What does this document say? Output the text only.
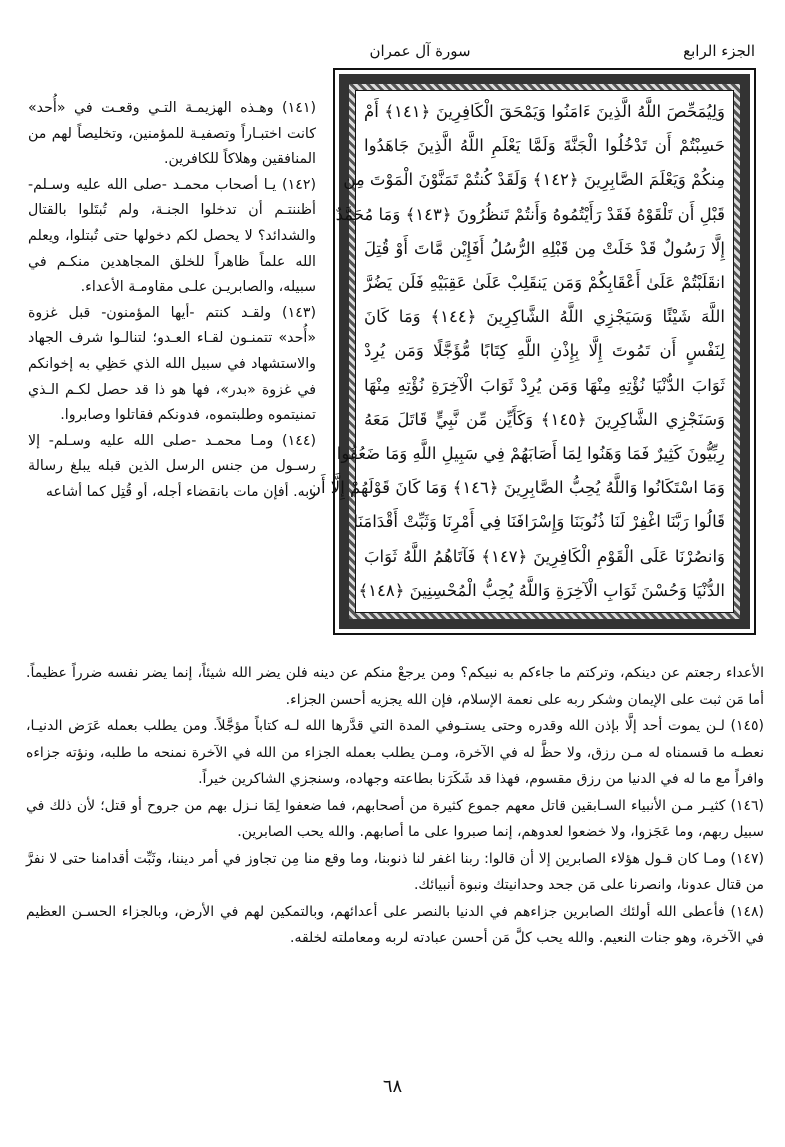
الجزء الرابع
سورة آل عمران
وَلِيُمَحِّصَ اللَّهُ الَّذِينَ ءَامَنُوا وَيَمْحَقَ الْكَافِرِينَ ﴿١٤١﴾ أَمْ
حَسِبْتُمْ أَن تَدْخُلُوا الْجَنَّةَ وَلَمَّا يَعْلَمِ اللَّهُ الَّذِينَ جَاهَدُوا
مِنكُمْ وَيَعْلَمَ الصَّابِرِينَ ﴿١٤٢﴾ وَلَقَدْ كُنتُمْ تَمَنَّوْنَ الْمَوْتَ مِن
قَبْلِ أَن تَلْقَوْهُ فَقَدْ رَأَيْتُمُوهُ وَأَنتُمْ تَنظُرُونَ ﴿١٤٣﴾ وَمَا مُحَمَّدٌ
إِلَّا رَسُولٌ قَدْ خَلَتْ مِن قَبْلِهِ الرُّسُلُ أَفَإِيْن مَّاتَ أَوْ قُتِلَ
انقَلَبْتُمْ عَلَىٰ أَعْقَابِكُمْ وَمَن يَنقَلِبْ عَلَىٰ عَقِبَيْهِ فَلَن يَضُرَّ
اللَّهَ شَيْئًا وَسَيَجْزِي اللَّهُ الشَّاكِرِينَ ﴿١٤٤﴾ وَمَا كَانَ
لِنَفْسٍ أَن تَمُوتَ إِلَّا بِإِذْنِ اللَّهِ كِتَابًا مُّؤَجَّلًا وَمَن يُرِدْ
ثَوَابَ الدُّنْيَا نُؤْتِهِ مِنْهَا وَمَن يُرِدْ ثَوَابَ الْآخِرَةِ نُؤْتِهِ مِنْهَا
وَسَنَجْزِي الشَّاكِرِينَ ﴿١٤٥﴾ وَكَأَيِّن مِّن نَّبِيٍّ قَاتَلَ مَعَهُ
رِبِّيُّونَ كَثِيرٌ فَمَا وَهَنُوا لِمَا أَصَابَهُمْ فِي سَبِيلِ اللَّهِ وَمَا ضَعُفُوا
وَمَا اسْتَكَانُوا وَاللَّهُ يُحِبُّ الصَّابِرِينَ ﴿١٤٦﴾ وَمَا كَانَ قَوْلَهُمْ إِلَّا أَن
قَالُوا رَبَّنَا اغْفِرْ لَنَا ذُنُوبَنَا وَإِسْرَافَنَا فِي أَمْرِنَا وَثَبِّتْ أَقْدَامَنَا
وَانصُرْنَا عَلَى الْقَوْمِ الْكَافِرِينَ ﴿١٤٧﴾ فَآتَاهُمُ اللَّهُ ثَوَابَ
الدُّنْيَا وَحُسْنَ ثَوَابِ الْآخِرَةِ وَاللَّهُ يُحِبُّ الْمُحْسِنِينَ ﴿١٤٨﴾

(١٤١) وهـذه الهزيمـة التـي وقعـت في «أُحد» كانت اختبـاراً وتصفيـة للمؤمنين، وتخليصاً لهم من المنافقين وهلاكاً للكافرين.

(١٤٢) يـا أصحاب محمـد -صلى الله عليه وسـلم- أظننتـم أن تدخلوا الجنـة، ولم تُبتَلوا بالقتال والشدائد؟ لا يحصل لكم دخولها حتى تُبتلوا، ويعلم الله علماً ظاهراً للخلق المجاهدين منكـم في سبيله، والصابريـن علـى مقاومـة الأعداء.

(١٤٣) ولقـد كنتم -أيها المؤمنون- قبل غزوة «أُحد» تتمنـون لقـاء العـدو؛ لتنالـوا شرف الجهاد والاستشهاد في سبيل الله الذي حَظِي به إخوانكم في غزوة «بدر»، فها هو ذا قد حصل لكـم الـذي تمنيتموه وطلبتموه، فدونكم فقاتلوا وصابروا.

(١٤٤) ومـا محمـد -صلى الله عليه وسـلم- إلا رسـول من جنس الرسل الذين قبله يبلغ رسالة ربه. أفإن مات بانقضاء أجله، أو قُتِل كما أشاعه

الأعداء رجعتم عن دينكم، وتركتم ما جاءكم به نبيكم؟ ومن يرجعْ منكم عن دينه فلن يضر الله شيئاً، إنما يضر نفسه ضرراً عظيماً. أما مَن ثبت على الإيمان وشكر ربه على نعمة الإسلام، فإن الله يجزيه أحسن الجزاء.

(١٤٥) لـن يموت أحد إلَّا بإذن الله وقدره وحتى يستـوفي المدة التي قدَّرها الله لـه كتاباً مؤجَّلاً. ومن يطلب بعمله عَرَض الدنيـا، نعطـه ما قسمناه له مـن رزق، ولا حظَّ له في الآخرة، ومـن يطلب بعمله الجزاء من الله في الآخرة نمنحه ما طلبه، ونؤته جزاءه وافراً مع ما له في الدنيا من رزق مقسوم، فهذا قد شَكَرَنا بطاعته وجهاده، وسنجزي الشاكرين خيراً.

(١٤٦) كثيـر مـن الأنبياء السـابقين قاتل معهم جموع كثيرة من أصحابهم، فما ضعفوا لِمَا نـزل بهم من جروح أو قتل؛ لأن ذلك في سبيل ربهم، وما عَجَزوا، ولا خضعوا لعدوهم، إنما صبروا على ما أصابهم. والله يحب الصابرين.

(١٤٧) ومـا كان قـول هؤلاء الصابرين إلا أن قالوا: ربنا اغفر لنا ذنوبنا، وما وقع منا مِن تجاوز في أمر ديننا، وثَبِّت أقدامنا حتى لا نفرَّ من قتال عدونا، وانصرنا على مَن جحد وحدانيتك ونبوة أنبيائك.

(١٤٨) فأعطى الله أولئك الصابرين جزاءهم في الدنيا بالنصر على أعدائهم، وبالتمكين لهم في الأرض، وبالجزاء الحسـن العظيم في الآخرة، وهو جنات النعيم. والله يحب كلَّ مَن أحسن عبادته لربه ومعاملته لخلقه.

٦٨
